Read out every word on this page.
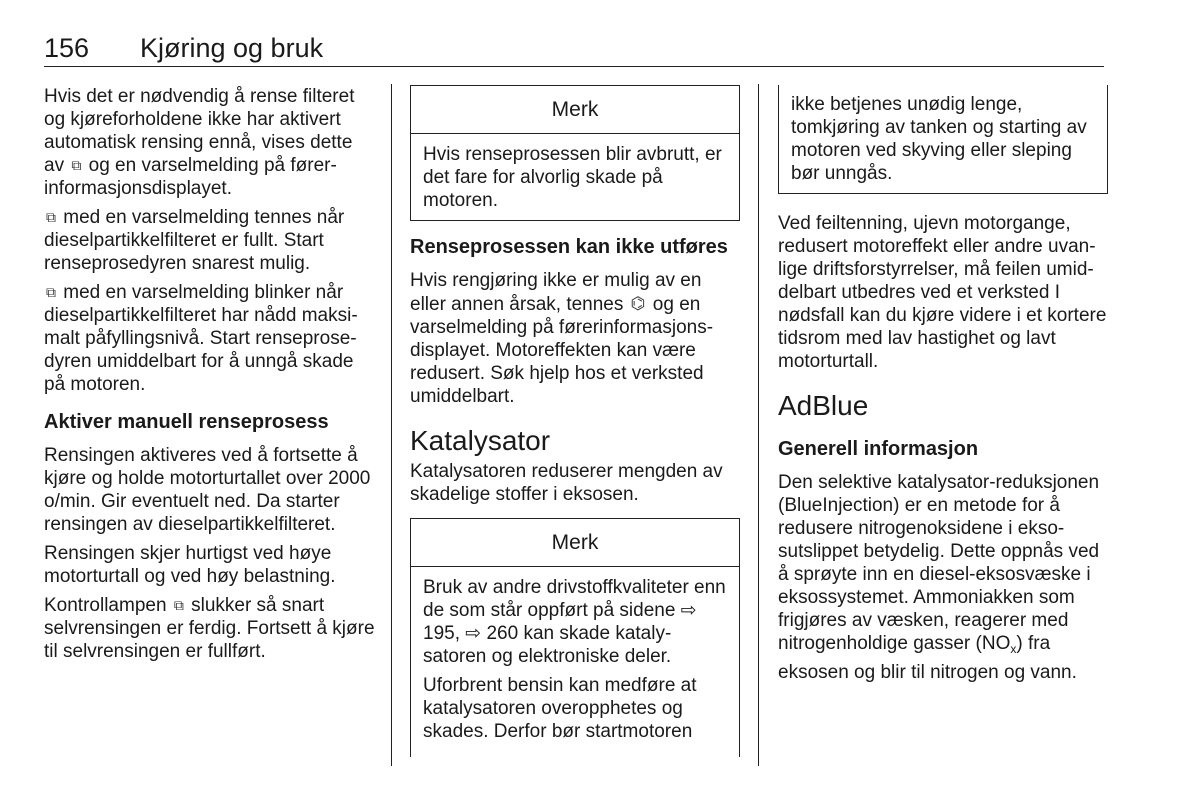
156 Kjøring og bruk

Hvis det er nødvendig å rense filteret og kjøreforholdene ikke har aktivert automatisk rensing ennå, vises dette av ⧉ og en varselmelding på førerinformasjonsdisplayet.

⧉ med en varselmelding tennes når dieselpartikkelfilteret er fullt. Start renseprosedyren snarest mulig.

⧉ med en varselmelding blinker når dieselpartikkelfilteret har nådd maksimalt påfyllingsnivå. Start renseprosedyren umiddelbart for å unngå skade på motoren.

Aktiver manuell renseprosess

Rensingen aktiveres ved å fortsette å kjøre og holde motorturtallet over 2000 o/min. Gir eventuelt ned. Da starter rensingen av dieselpartikkelfilteret.

Rensingen skjer hurtigst ved høye motorturtall og ved høy belastning.

Kontrollampen ⧉ slukker så snart selvrensingen er ferdig. Fortsett å kjøre til selvrensingen er fullført.

Merk
Hvis renseprosessen blir avbrutt, er det fare for alvorlig skade på motoren.
Renseprosessen kan ikke utføres

Hvis rengjøring ikke er mulig av en eller annen årsak, tennes ⌬ og en varselmelding på førerinformasjonsdisplayet. Motoreffekten kan være redusert. Søk hjelp hos et verksted umiddelbart.

Katalysator

Katalysatoren reduserer mengden av skadelige stoffer i eksosen.

Merk

Bruk av andre drivstoffkvaliteter enn de som står oppført på sidene ⇨ 195, ⇨ 260 kan skade katalysatoren og elektroniske deler.

Uforbrent bensin kan medføre at katalysatoren overopphetes og skades. Derfor bør startmotoren

ikke betjenes unødig lenge, tomkjøring av tanken og starting av motoren ved skyving eller sleping bør unngås.

Ved feiltenning, ujevn motorgange, redusert motoreffekt eller andre uvanlige driftsforstyrrelser, må feilen umiddelbart utbedres ved et verksted I nødsfall kan du kjøre videre i et kortere tidsrom med lav hastighet og lavt motorturtall.

AdBlue
Generell informasjon

Den selektive katalysator-reduksjonen (BlueInjection) er en metode for å redusere nitrogenoksidene i eksosutslippet betydelig. Dette oppnås ved å sprøyte inn en diesel-eksosvæske i eksossystemet. Ammoniakken som frigjøres av væsken, reagerer med nitrogenholdige gasser $(NO_x)$ fra eksosen og blir til nitrogen og vann.
